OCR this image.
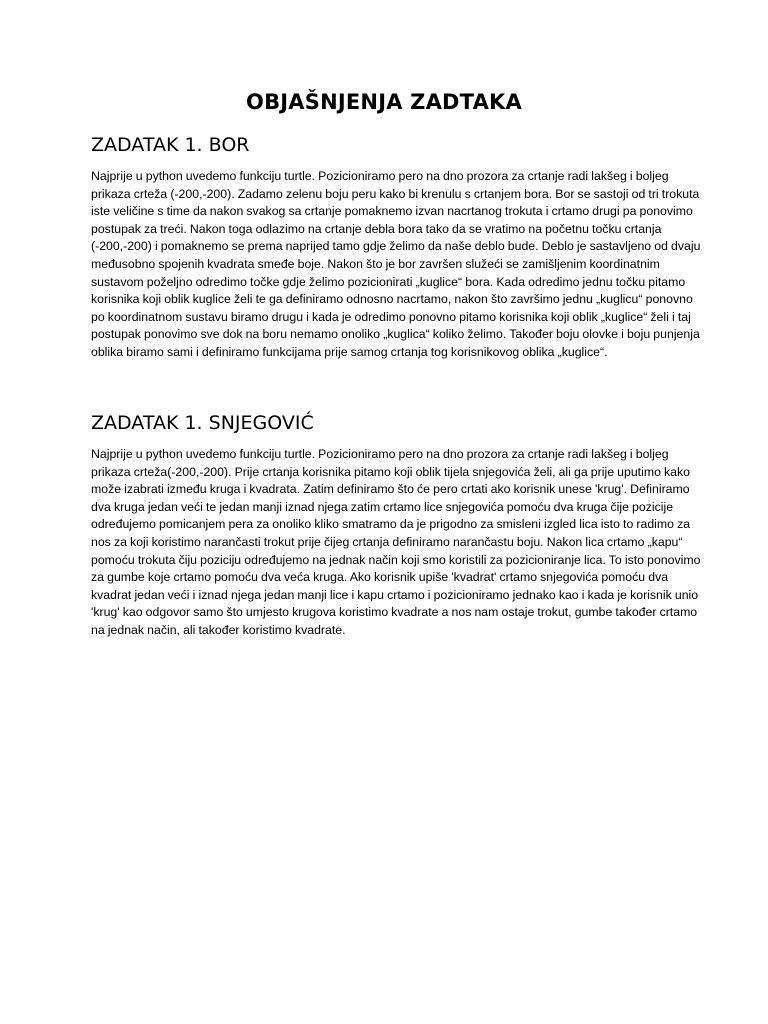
OBJAŠNJENJA ZADTAKA
ZADATAK 1. BOR

Najprije u python uvedemo funkciju turtle. Pozicioniramo pero na dno prozora za crtanje radi lakšeg i boljeg prikaza crteža (-200,-200). Zadamo zelenu boju peru kako bi krenulu s crtanjem bora. Bor se sastoji od tri trokuta iste veličine s time da nakon svakog sa crtanje pomaknemo izvan nacrtanog trokuta i crtamo drugi pa ponovimo postupak za treći. Nakon toga odlazimo na crtanje debla bora tako da se vratimo na početnu točku crtanja (-200,-200) i pomaknemo se prema naprijed tamo gdje želimo da naše deblo bude. Deblo je sastavljeno od dvaju međusobno spojenih kvadrata smeđe boje. Nakon što je bor završen služeći se zamišljenim koordinatnim sustavom poželjno odredimo točke gdje želimo pozicionirati „kuglice“ bora. Kada odredimo jednu točku pitamo korisnika koji oblik kuglice želi te ga definiramo odnosno nacrtamo, nakon što završimo jednu „kuglicu“ ponovno po koordinatnom sustavu biramo drugu i kada je odredimo ponovno pitamo korisnika koji oblik „kuglice“ želi i taj postupak ponovimo sve dok na boru nemamo onoliko „kuglica“ koliko želimo. Također boju olovke i boju punjenja oblika biramo sami i definiramo funkcijama prije samog crtanja tog korisnikovog oblika „kuglice“.

ZADATAK 1. SNJEGOVIĆ

Najprije u python uvedemo funkciju turtle. Pozicioniramo pero na dno prozora za crtanje radi lakšeg i boljeg prikaza crteža(-200,-200). Prije crtanja korisnika pitamo koji oblik tijela snjegovića želi, ali ga prije uputimo kako može izabrati između kruga i kvadrata. Zatim definiramo što će pero crtati ako korisnik unese 'krug'. Definiramo dva kruga jedan veći te jedan manji iznad njega zatim crtamo lice snjegovića pomoću dva kruga čije pozicije određujemo pomicanjem pera za onoliko kliko smatramo da je prigodno za smisleni izgled lica isto to radimo za nos za koji koristimo narančasti trokut prije čijeg crtanja definiramo narančastu boju. Nakon lica crtamo „kapu“ pomoću trokuta čiju poziciju određujemo na jednak način koji smo koristili za pozicioniranje lica. To isto ponovimo za gumbe koje crtamo pomoću dva veća kruga. Ako korisnik upiše 'kvadrat' crtamo snjegovića pomoću dva kvadrat jedan veći i iznad njega jedan manji lice i kapu crtamo i pozicioniramo jednako kao i kada je korisnik unio 'krug' kao odgovor samo što umjesto krugova koristimo kvadrate a nos nam ostaje trokut, gumbe također crtamo na jednak način, ali također koristimo kvadrate.
